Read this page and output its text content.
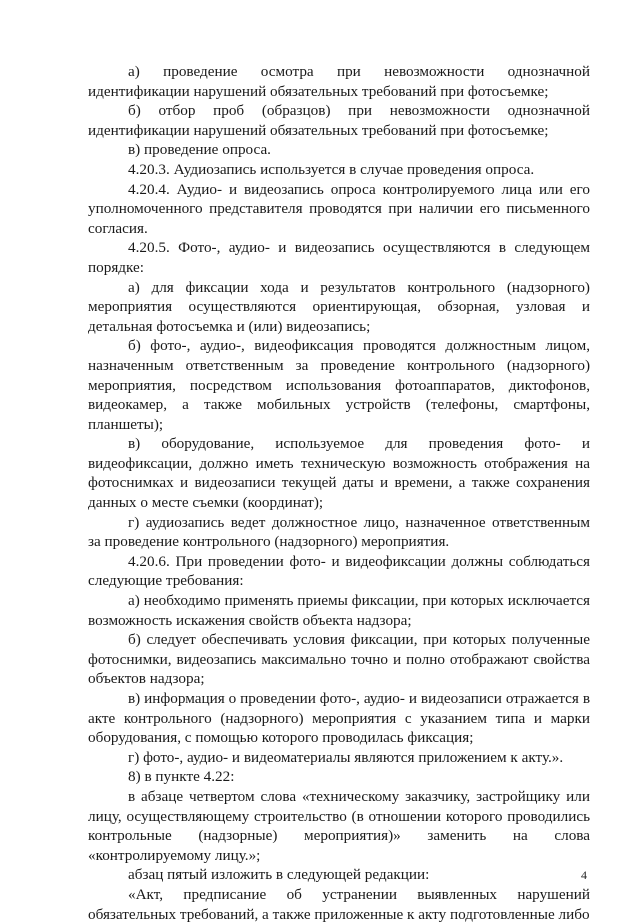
а) проведение осмотра при невозможности однозначной идентификации нарушений обязательных требований при фотосъемке;

б) отбор проб (образцов) при невозможности однозначной идентификации нарушений обязательных требований при фотосъемке;

в) проведение опроса.

4.20.3. Аудиозапись используется в случае проведения опроса.

4.20.4. Аудио- и видеозапись опроса контролируемого лица или его уполномоченного представителя проводятся при наличии его письменного согласия.

4.20.5. Фото-, аудио- и видеозапись осуществляются в следующем порядке:

а) для фиксации хода и результатов контрольного (надзорного) мероприятия осуществляются ориентирующая, обзорная, узловая и детальная фотосъемка и (или) видеозапись;

б) фото-, аудио-, видеофиксация проводятся должностным лицом, назначенным ответственным за проведение контрольного (надзорного) мероприятия, посредством использования фотоаппаратов, диктофонов, видеокамер, а также мобильных устройств (телефоны, смартфоны, планшеты);

в) оборудование, используемое для проведения фото- и видеофиксации, должно иметь техническую возможность отображения на фотоснимках и видеозаписи текущей даты и времени, а также сохранения данных о месте съемки (координат);

г) аудиозапись ведет должностное лицо, назначенное ответственным за проведение контрольного (надзорного) мероприятия.

4.20.6. При проведении фото- и видеофиксации должны соблюдаться следующие требования:

а) необходимо применять приемы фиксации, при которых исключается возможность искажения свойств объекта надзора;

б) следует обеспечивать условия фиксации, при которых полученные фотоснимки, видеозапись максимально точно и полно отображают свойства объектов надзора;

в) информация о проведении фото-, аудио- и видеозаписи отражается в акте контрольного (надзорного) мероприятия с указанием типа и марки оборудования, с помощью которого проводилась фиксация;

г) фото-, аудио- и видеоматериалы являются приложением к акту.».

8) в пункте 4.22:

в абзаце четвертом слова «техническому заказчику, застройщику или лицу, осуществляющему строительство (в отношении которого проводились контрольные (надзорные) мероприятия)» заменить на слова «контролируемому лицу.»;

абзац пятый изложить в следующей редакции:

«Акт, предписание об устранении выявленных нарушений обязательных требований, а также приложенные к акту подготовленные либо

4
